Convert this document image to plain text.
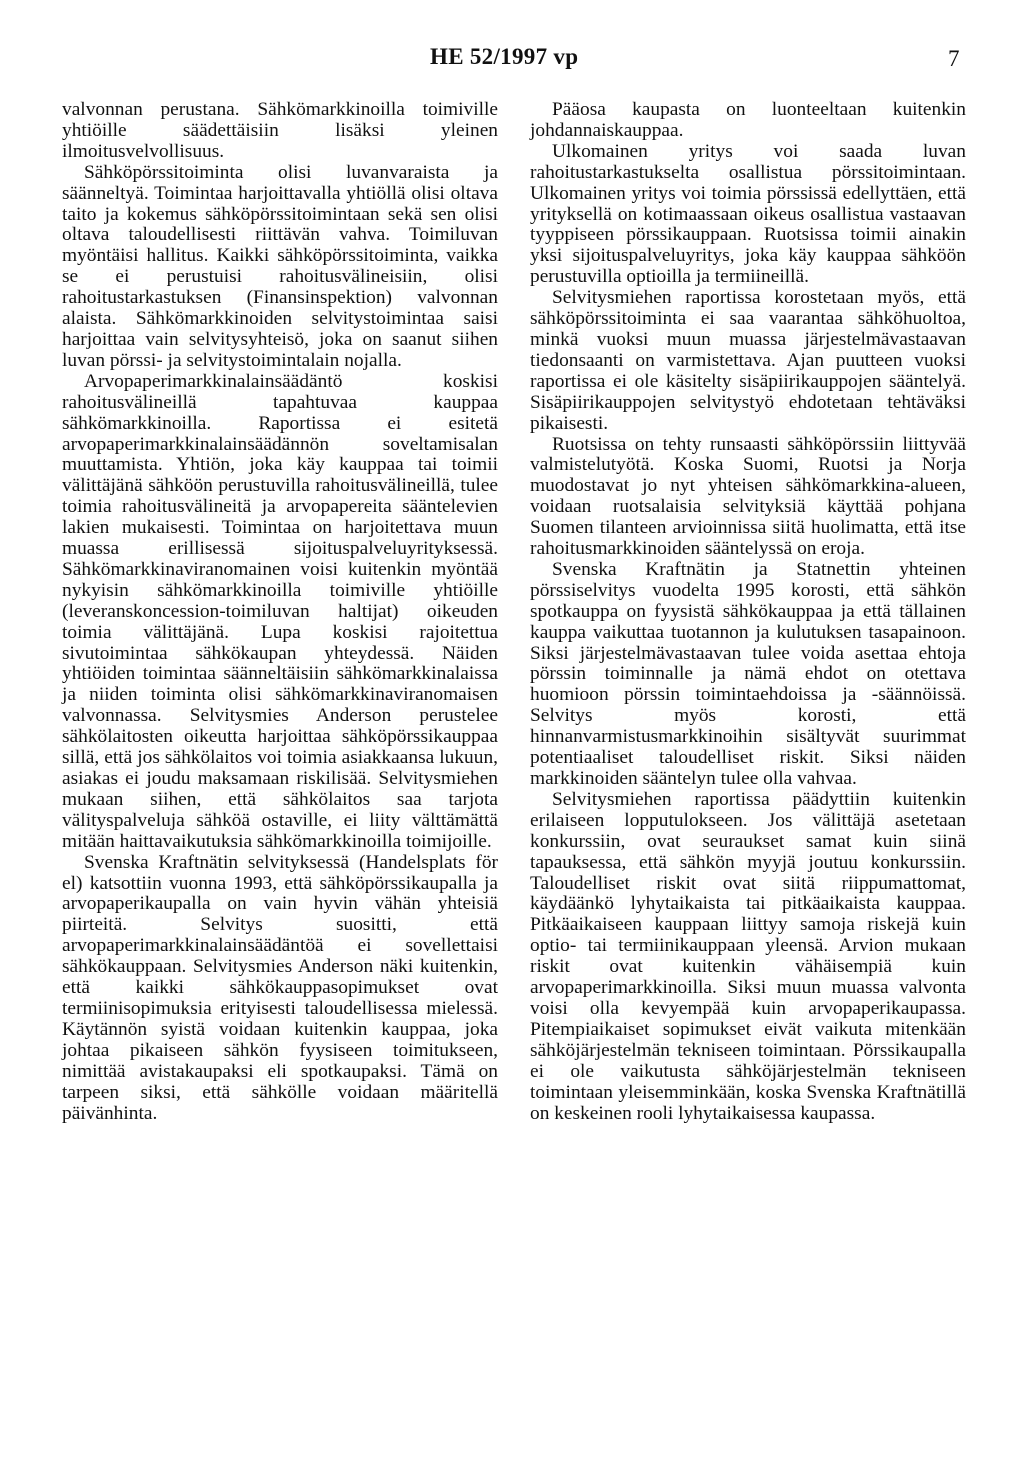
HE 52/1997 vp	7

valvonnan perustana. Sähkömarkkinoilla toimiville yhtiöille säädettäisiin lisäksi yleinen ilmoitusvelvollisuus.

Sähköpörssitoiminta olisi luvanvaraista ja säänneltyä. Toimintaa harjoittavalla yhtiöllä olisi oltava taito ja kokemus sähköpörssitoimintaan sekä sen olisi oltava taloudellisesti riittävän vahva. Toimiluvan myöntäisi hallitus. Kaikki sähköpörssitoiminta, vaikka se ei perustuisi rahoitusvälineisiin, olisi rahoitustarkastuksen (Finansinspektion) valvonnan alaista. Sähkömarkkinoiden selvitystoimintaa saisi harjoittaa vain selvitysyhteisö, joka on saanut siihen luvan pörssi- ja selvitystoimintalain nojalla.

Arvopaperimarkkinalainsäädäntö koskisi rahoitusvälineillä tapahtuvaa kauppaa sähkömarkkinoilla. Raportissa ei esitetä arvopaperimarkkinalainsäädännön soveltamisalan muuttamista. Yhtiön, joka käy kauppaa tai toimii välittäjänä sähköön perustuvilla rahoitusvälineillä, tulee toimia rahoitusvälineitä ja arvopapereita sääntelevien lakien mukaisesti. Toimintaa on harjoitettava muun muassa erillisessä sijoituspalveluyrityksessä. Sähkömarkkinaviranomainen voisi kuitenkin myöntää nykyisin sähkömarkkinoilla toimiville yhtiöille (leveranskoncession-toimiluvan haltijat) oikeuden toimia välittäjänä. Lupa koskisi rajoitettua sivutoimintaa sähkökaupan yhteydessä. Näiden yhtiöiden toimintaa säänneltäisiin sähkömarkkinalaissa ja niiden toiminta olisi sähkömarkkinaviranomaisen valvonnassa. Selvitysmies Anderson perustelee sähkölaitosten oikeutta harjoittaa sähköpörssikauppaa sillä, että jos sähkölaitos voi toimia asiakkaansa lukuun, asiakas ei joudu maksamaan riskilisää. Selvitysmiehen mukaan siihen, että sähkölaitos saa tarjota välityspalveluja sähköä ostaville, ei liity välttämättä mitään haittavaikutuksia sähkömarkkinoilla toimijoille.

Svenska Kraftnätin selvityksessä (Handelsplats för el) katsottiin vuonna 1993, että sähköpörssikaupalla ja arvopaperikaupalla on vain hyvin vähän yhteisiä piirteitä. Selvitys suositti, että arvopaperimarkkinalainsäädäntöä ei sovellettaisi sähkökauppaan. Selvitysmies Anderson näki kuitenkin, että kaikki sähkökauppasopimukset ovat termiinisopimuksia erityisesti taloudellisessa mielessä. Käytännön syistä voidaan kuitenkin kauppaa, joka johtaa pikaiseen sähkön fyysiseen toimitukseen, nimittää avistakaupaksi eli spotkaupaksi. Tämä on tarpeen siksi, että sähkölle voidaan määritellä päivänhinta.

Pääosa kaupasta on luonteeltaan kuitenkin johdannaiskauppaa.

Ulkomainen yritys voi saada luvan rahoitustarkastukselta osallistua pörssitoimintaan. Ulkomainen yritys voi toimia pörssissä edellyttäen, että yrityksellä on kotimaassaan oikeus osallistua vastaavan tyyppiseen pörssikauppaan. Ruotsissa toimii ainakin yksi sijoituspalveluyritys, joka käy kauppaa sähköön perustuvilla optioilla ja termiineillä.

Selvitysmiehen raportissa korostetaan myös, että sähköpörssitoiminta ei saa vaarantaa sähköhuoltoa, minkä vuoksi muun muassa järjestelmävastaavan tiedonsaanti on varmistettava. Ajan puutteen vuoksi raportissa ei ole käsitelty sisäpiirikauppojen sääntelyä. Sisäpiirikauppojen selvitystyö ehdotetaan tehtäväksi pikaisesti.

Ruotsissa on tehty runsaasti sähköpörssiin liittyvää valmistelutyötä. Koska Suomi, Ruotsi ja Norja muodostavat jo nyt yhteisen sähkömarkkina-alueen, voidaan ruotsalaisia selvityksiä käyttää pohjana Suomen tilanteen arvioinnissa siitä huolimatta, että itse rahoitusmarkkinoiden sääntelyssä on eroja.

Svenska Kraftnätin ja Statnettin yhteinen pörssiselvitys vuodelta 1995 korosti, että sähkön spotkauppa on fyysistä sähkökauppaa ja että tällainen kauppa vaikuttaa tuotannon ja kulutuksen tasapainoon. Siksi järjestelmävastaavan tulee voida asettaa ehtoja pörssin toiminnalle ja nämä ehdot on otettava huomioon pörssin toimintaehdoissa ja -säännöissä. Selvitys myös korosti, että hinnanvarmistusmarkkinoihin sisältyvät suurimmat potentiaaliset taloudelliset riskit. Siksi näiden markkinoiden sääntelyn tulee olla vahvaa.

Selvitysmiehen raportissa päädyttiin kuitenkin erilaiseen lopputulokseen. Jos välittäjä asetetaan konkurssiin, ovat seuraukset samat kuin siinä tapauksessa, että sähkön myyjä joutuu konkurssiin. Taloudelliset riskit ovat siitä riippumattomat, käydäänkö lyhytaikaista tai pitkäaikaista kauppaa. Pitkäaikaiseen kauppaan liittyy samoja riskejä kuin optio- tai termiinikauppaan yleensä. Arvion mukaan riskit ovat kuitenkin vähäisempiä kuin arvopaperimarkkinoilla. Siksi muun muassa valvonta voisi olla kevyempää kuin arvopaperikaupassa. Pitempiaikaiset sopimukset eivät vaikuta mitenkään sähköjärjestelmän tekniseen toimintaan. Pörssikaupalla ei ole vaikutusta sähköjärjestelmän tekniseen toimintaan yleisemminkään, koska Svenska Kraftnätillä on keskeinen rooli lyhytaikaisessa kaupassa.
